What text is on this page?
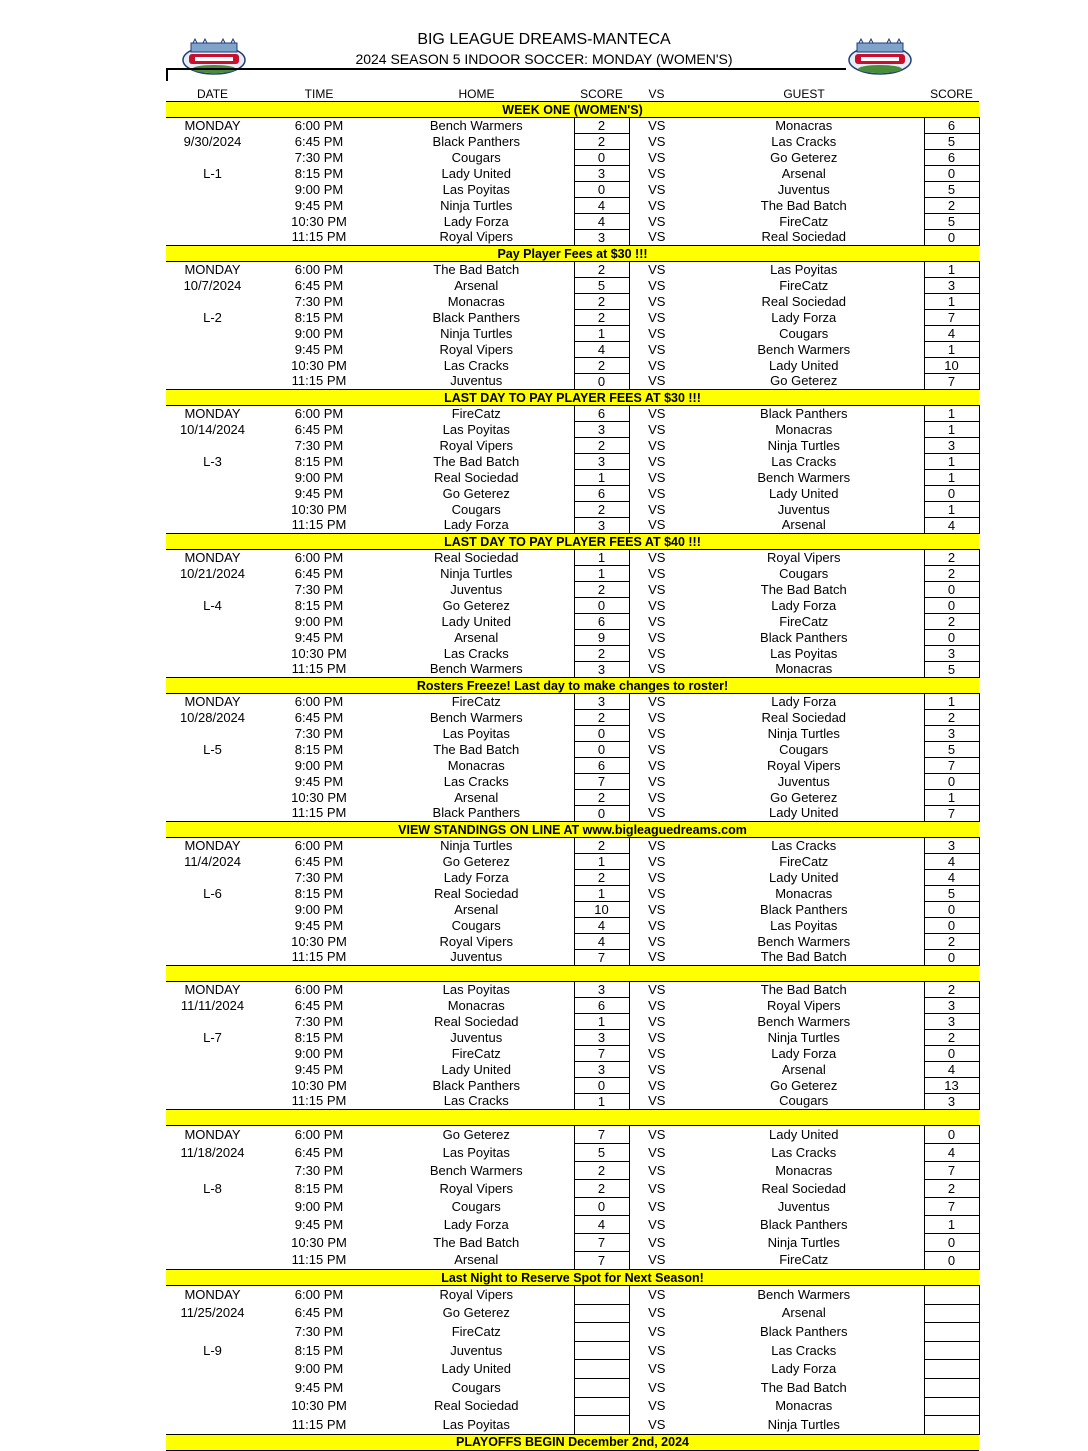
BIG LEAGUE DREAMS-MANTECA
2024 SEASON 5 INDOOR SOCCER: MONDAY (WOMEN'S)
DATE	TIME	HOME	SCORE	VS	GUEST	SCORE
WEEK ONE (WOMEN'S)						
MONDAY	6:00 PM	Bench Warmers	2	VS	Monacras	6
9/30/2024	6:45 PM	Black Panthers	2	VS	Las Cracks	5
	7:30 PM	Cougars	0	VS	Go Geterez	6
L-1	8:15 PM	Lady United	3	VS	Arsenal	0
	9:00 PM	Las Poyitas	0	VS	Juventus	5
	9:45 PM	Ninja Turtles	4	VS	The Bad Batch	2
	10:30 PM	Lady Forza	4	VS	FireCatz	5
	11:15 PM	Royal Vipers	3	VS	Real Sociedad	0
Pay Player Fees at $30 !!!						
MONDAY	6:00 PM	The Bad Batch	2	VS	Las Poyitas	1
10/7/2024	6:45 PM	Arsenal	5	VS	FireCatz	3
	7:30 PM	Monacras	2	VS	Real Sociedad	1
L-2	8:15 PM	Black Panthers	2	VS	Lady Forza	7
	9:00 PM	Ninja Turtles	1	VS	Cougars	4
	9:45 PM	Royal Vipers	4	VS	Bench Warmers	1
	10:30 PM	Las Cracks	2	VS	Lady United	10
	11:15 PM	Juventus	0	VS	Go Geterez	7
LAST DAY TO PAY PLAYER FEES AT $30 !!!						
MONDAY	6:00 PM	FireCatz	6	VS	Black Panthers	1
10/14/2024	6:45 PM	Las Poyitas	3	VS	Monacras	1
	7:30 PM	Royal Vipers	2	VS	Ninja Turtles	3
L-3	8:15 PM	The Bad Batch	3	VS	Las Cracks	1
	9:00 PM	Real Sociedad	1	VS	Bench Warmers	1
	9:45 PM	Go Geterez	6	VS	Lady United	0
	10:30 PM	Cougars	2	VS	Juventus	1
	11:15 PM	Lady Forza	3	VS	Arsenal	4
LAST DAY TO PAY PLAYER FEES AT $40 !!!						
MONDAY	6:00 PM	Real Sociedad	1	VS	Royal Vipers	2
10/21/2024	6:45 PM	Ninja Turtles	1	VS	Cougars	2
	7:30 PM	Juventus	2	VS	The Bad Batch	0
L-4	8:15 PM	Go Geterez	0	VS	Lady Forza	0
	9:00 PM	Lady United	6	VS	FireCatz	2
	9:45 PM	Arsenal	9	VS	Black Panthers	0
	10:30 PM	Las Cracks	2	VS	Las Poyitas	3
	11:15 PM	Bench Warmers	3	VS	Monacras	5
Rosters Freeze! Last day to make changes to roster!						
MONDAY	6:00 PM	FireCatz	3	VS	Lady Forza	1
10/28/2024	6:45 PM	Bench Warmers	2	VS	Real Sociedad	2
	7:30 PM	Las Poyitas	0	VS	Ninja Turtles	3
L-5	8:15 PM	The Bad Batch	0	VS	Cougars	5
	9:00 PM	Monacras	6	VS	Royal Vipers	7
	9:45 PM	Las Cracks	7	VS	Juventus	0
	10:30 PM	Arsenal	2	VS	Go Geterez	1
	11:15 PM	Black Panthers	0	VS	Lady United	7
VIEW STANDINGS ON LINE AT www.bigleaguedreams.com						
MONDAY	6:00 PM	Ninja Turtles	2	VS	Las Cracks	3
11/4/2024	6:45 PM	Go Geterez	1	VS	FireCatz	4
	7:30 PM	Lady Forza	2	VS	Lady United	4
L-6	8:15 PM	Real Sociedad	1	VS	Monacras	5
	9:00 PM	Arsenal	10	VS	Black Panthers	0
	9:45 PM	Cougars	4	VS	Las Poyitas	0
	10:30 PM	Royal Vipers	4	VS	Bench Warmers	2
	11:15 PM	Juventus	7	VS	The Bad Batch	0

MONDAY	6:00 PM	Las Poyitas	3	VS	The Bad Batch	2
11/11/2024	6:45 PM	Monacras	6	VS	Royal Vipers	3
	7:30 PM	Real Sociedad	1	VS	Bench Warmers	3
L-7	8:15 PM	Juventus	3	VS	Ninja Turtles	2
	9:00 PM	FireCatz	7	VS	Lady Forza	0
	9:45 PM	Lady United	3	VS	Arsenal	4
	10:30 PM	Black Panthers	0	VS	Go Geterez	13
	11:15 PM	Las Cracks	1	VS	Cougars	3

MONDAY	6:00 PM	Go Geterez	7	VS	Lady United	0
11/18/2024	6:45 PM	Las Poyitas	5	VS	Las Cracks	4
	7:30 PM	Bench Warmers	2	VS	Monacras	7
L-8	8:15 PM	Royal Vipers	2	VS	Real Sociedad	2
	9:00 PM	Cougars	0	VS	Juventus	7
	9:45 PM	Lady Forza	4	VS	Black Panthers	1
	10:30 PM	The Bad Batch	7	VS	Ninja Turtles	0
	11:15 PM	Arsenal	7	VS	FireCatz	0
Last Night to Reserve Spot for Next Season!						
MONDAY	6:00 PM	Royal Vipers		VS	Bench Warmers	
11/25/2024	6:45 PM	Go Geterez		VS	Arsenal	
	7:30 PM	FireCatz		VS	Black Panthers	
L-9	8:15 PM	Juventus		VS	Las Cracks	
	9:00 PM	Lady United		VS	Lady Forza	
	9:45 PM	Cougars		VS	The Bad Batch	
	10:30 PM	Real Sociedad		VS	Monacras	
	11:15 PM	Las Poyitas		VS	Ninja Turtles	
PLAYOFFS BEGIN December 2nd, 2024						
